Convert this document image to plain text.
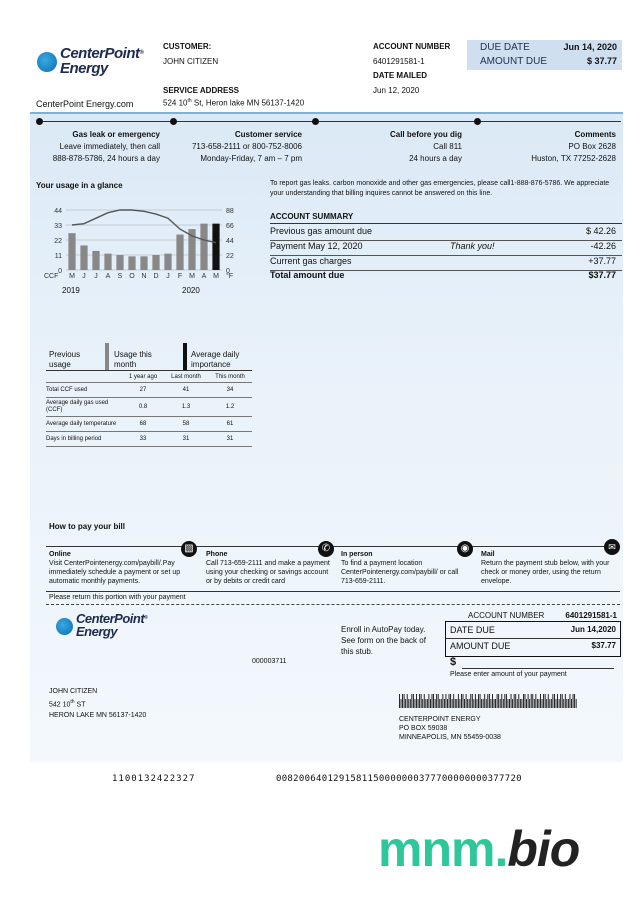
CenterPoint®
Energy
CenterPoint Energy.com
CUSTOMER:
JOHN CITIZEN
SERVICE ADDRESS
524 10th St, Heron lake MN 56137-1420
ACCOUNT NUMBER
6401291581-1
DATE MAILED
Jun 12, 2020
DUE DATE	Jun 14, 2020
AMOUNT DUE	$ 37.77
Gas leak or emergency
Leave immediately, then call
888-878-5786, 24 hours a day
Customer service
713-658-2111 or 800-752-8006
Monday-Friday, 7 am – 7 pm
Call before you dig
Call 811
24 hours a day
Comments
PO Box 2628
Huston, TX 77252-2628
Your usage in a glance
44	88
33	66
22	44
11	22
0	0
M J J A S O N D J F M A M
CCF	°F
2019	2020
To report gas leaks. carbon monoxide and other gas emergencies, please call1-888-876-5786. We appreciate your understanding that billing inquires cannot be answered on this line.
ACCOUNT SUMMARY
Previous gas amount due	$ 42.26
Payment May 12, 2020	Thank you!	-42.26
Current gas charges	+37.77
Total amount due	$37.77
Previous usage
Usage this month
Average daily importance
	1 year ago	Last month	This month
Total CCF used	27	41	34
Average daily gas used (CCF)	0.8	1.3	1.2
Average daily temperature	68	58	61
Days in billing period	33	31	31
How to pay your bill
▧	✆	◉	✉
Online
Visit CenterPointenergy.com/paybill/.Pay immediately schedule a payment or set up automatic monthly payments.
Phone
Call 713-659-2111 and make a payment using your checking or savings account or by debits or credit card
In person
To find a payment location CenterPointenergy.com/paybill/ or call 713-659-2111.
Mail
Return the payment stub below, with your check or money order, using the return envelope.
Please return this portion with your payment
CenterPoint®
Energy	Enroll in AutoPay today. See form on the back of this stub.
ACCOUNT NUMBER	6401291581-1
DATE DUE	Jun 14,2020
AMOUNT DUE	$37.77
$
Please enter amount of your payment
000003711
JOHN CITIZEN
542 10th ST
HERON LAKE MN 56137-1420
CENTERPOINT ENERGY
PO BOX 59038
MINNEAPOLIS, MN 55459-0038
1100132422327	0082006401291581150000000377700000000377720
mnm.bio
